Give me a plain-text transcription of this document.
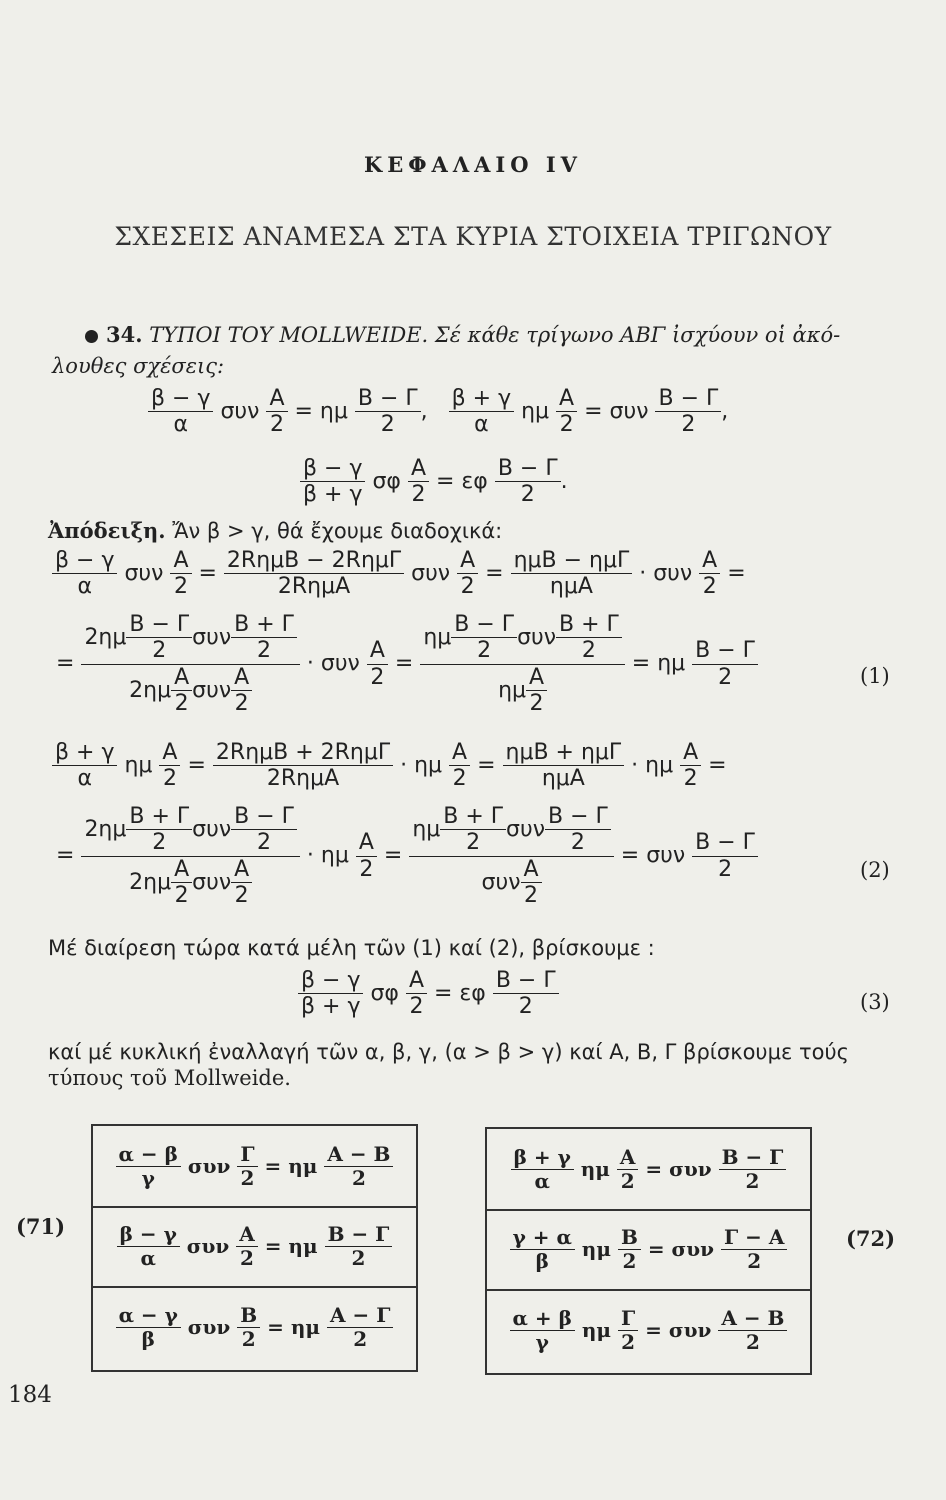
ΚΕΦΑΛΑΙΟ IV
ΣΧΕΣΕΙΣ ΑΝΑΜΕΣΑ ΣΤΑ ΚΥΡΙΑ ΣΤΟΙΧΕΙΑ ΤΡΙΓΩΝΟΥ
34. ΤΥΠΟΙ ΤΟΥ MOLLWEIDE. Σέ κάθε τρίγωνο ΑΒΓ ἰσχύουν οἱ ἀκό-
λουθες σχέσεις:
$\frac{\beta - \gamma}{\alpha}$ συν $\frac{A}{2} = \eta\mu \frac{B - \Gamma}{2}$ , $\frac{\beta + \gamma}{\alpha}$ ημ $\frac{A}{2} = \sigma\upsilon\nu \frac{B - \Gamma}{2}$ ,
$\frac{\beta - \gamma}{\beta + \gamma}$ σφ $\frac{A}{2} = \varepsilon\varphi \frac{B - \Gamma}{2}$ .
Ἀπόδειξη. Ἄν β > γ, θά ἔχουμε διαδοχικά:
$\frac{\beta - \gamma}{\alpha}$ συν $\frac{A}{2}$ =
2RημB − 2RημΓ
2RημA
συν $\frac{A}{2}$ =
ημB − ημΓ
ημA
· συν $\frac{A}{2}$ =
=
$2\eta\mu \frac{B - \Gamma}{2}$ συν $\frac{B + \Gamma}{2}$
$2\eta\mu \frac{A}{2}$ συν $\frac{A}{2}$
· συν $\frac{A}{2}$ =
ημ $\frac{B - \Gamma}{2}$ συν $\frac{B + \Gamma}{2}$
ημ $\frac{A}{2}$
= ημ $\frac{B - \Gamma}{2}$	(1)
$\frac{\beta + \gamma}{\alpha}$ ημ $\frac{A}{2}$ =
2RημB + 2RημΓ
2RημA
· ημ $\frac{A}{2}$ =
ημB + ημΓ
ημA
· ημ $\frac{A}{2}$ =
=
$2\eta\mu \frac{B + \Gamma}{2}$ συν $\frac{B - \Gamma}{2}$
$2\eta\mu \frac{A}{2}$ συν $\frac{A}{2}$
· ημ $\frac{A}{2}$ =
ημ $\frac{B + \Gamma}{2}$ συν $\frac{B - \Gamma}{2}$
συν $\frac{A}{2}$
= συν $\frac{B - \Gamma}{2}$	(2)
Μέ διαίρεση τώρα κατά μέλη τῶν (1) καί (2), βρίσκουμε :
$\frac{\beta - \gamma}{\beta + \gamma}$ σφ $\frac{A}{2} = \varepsilon\varphi \frac{B - \Gamma}{2}$	(3)
καί μέ κυκλική ἐναλλαγή τῶν α, β, γ, (α > β > γ) καί Α, Β, Γ βρίσκουμε τούς
τύπους τοῦ Mollweide.
(71)
α − β
γ	συν
Γ
2 = ημ
A − B
2
β − γ
α	συν
A
2 = ημ
B − Γ
2
α − γ
β	συν
B
2 = ημ
A − Γ
2
β + γ
α	ημ
A
2 = συν
B − Γ
2
γ + α
β	ημ
B
2 = συν
Γ − A
2
α + β
γ	ημ
Γ
2 = συν
A − B
2
(72)
184
